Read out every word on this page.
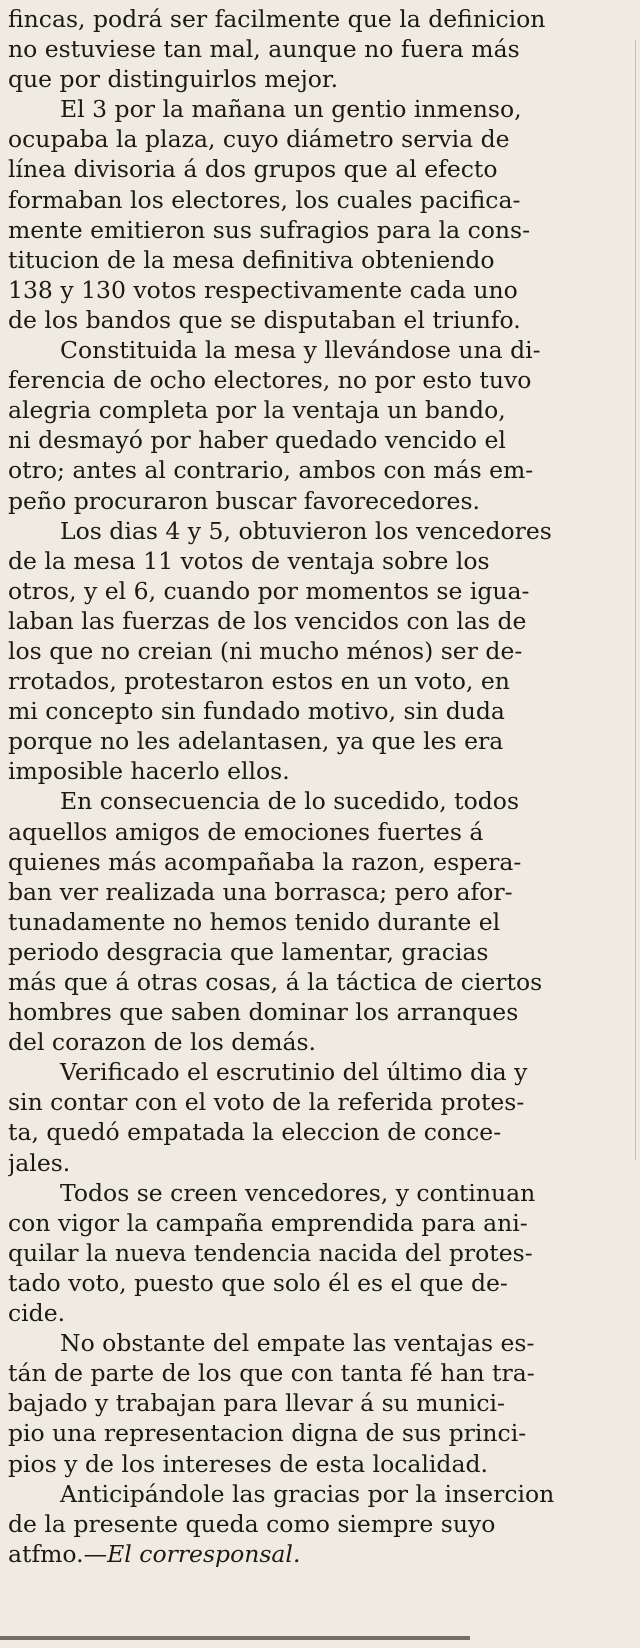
fincas, podrá ser facilmente que la definicion
no estuviese tan mal, aunque no fuera más
que por distinguirlos mejor.

El 3 por la mañana un gentio inmenso,
ocupaba la plaza, cuyo diámetro servia de
línea divisoria á dos grupos que al efecto
formaban los electores, los cuales pacifica-
mente emitieron sus sufragios para la cons-
titucion de la mesa definitiva obteniendo
138 y 130 votos respectivamente cada uno
de los bandos que se disputaban el triunfo.

Constituida la mesa y llevándose una di-
ferencia de ocho electores, no por esto tuvo
alegria completa por la ventaja un bando,
ni desmayó por haber quedado vencido el
otro; antes al contrario, ambos con más em-
peño procuraron buscar favorecedores.

Los dias 4 y 5, obtuvieron los vencedores
de la mesa 11 votos de ventaja sobre los
otros, y el 6, cuando por momentos se igua-
laban las fuerzas de los vencidos con las de
los que no creian (ni mucho ménos) ser de-
rrotados, protestaron estos en un voto, en
mi concepto sin fundado motivo, sin duda
porque no les adelantasen, ya que les era
imposible hacerlo ellos.

En consecuencia de lo sucedido, todos
aquellos amigos de emociones fuertes á
quienes más acompañaba la razon, espera-
ban ver realizada una borrasca; pero afor-
tunadamente no hemos tenido durante el
periodo desgracia que lamentar, gracias
más que á otras cosas, á la táctica de ciertos
hombres que saben dominar los arranques
del corazon de los demás.

Verificado el escrutinio del último dia y
sin contar con el voto de la referida protes-
ta, quedó empatada la eleccion de conce-
jales.

Todos se creen vencedores, y continuan
con vigor la campaña emprendida para ani-
quilar la nueva tendencia nacida del protes-
tado voto, puesto que solo él es el que de-
cide.

No obstante del empate las ventajas es-
tán de parte de los que con tanta fé han tra-
bajado y trabajan para llevar á su munici-
pio una representacion digna de sus princi-
pios y de los intereses de esta localidad.

Anticipándole las gracias por la insercion
de la presente queda como siempre suyo
atfmo.—El corresponsal.
